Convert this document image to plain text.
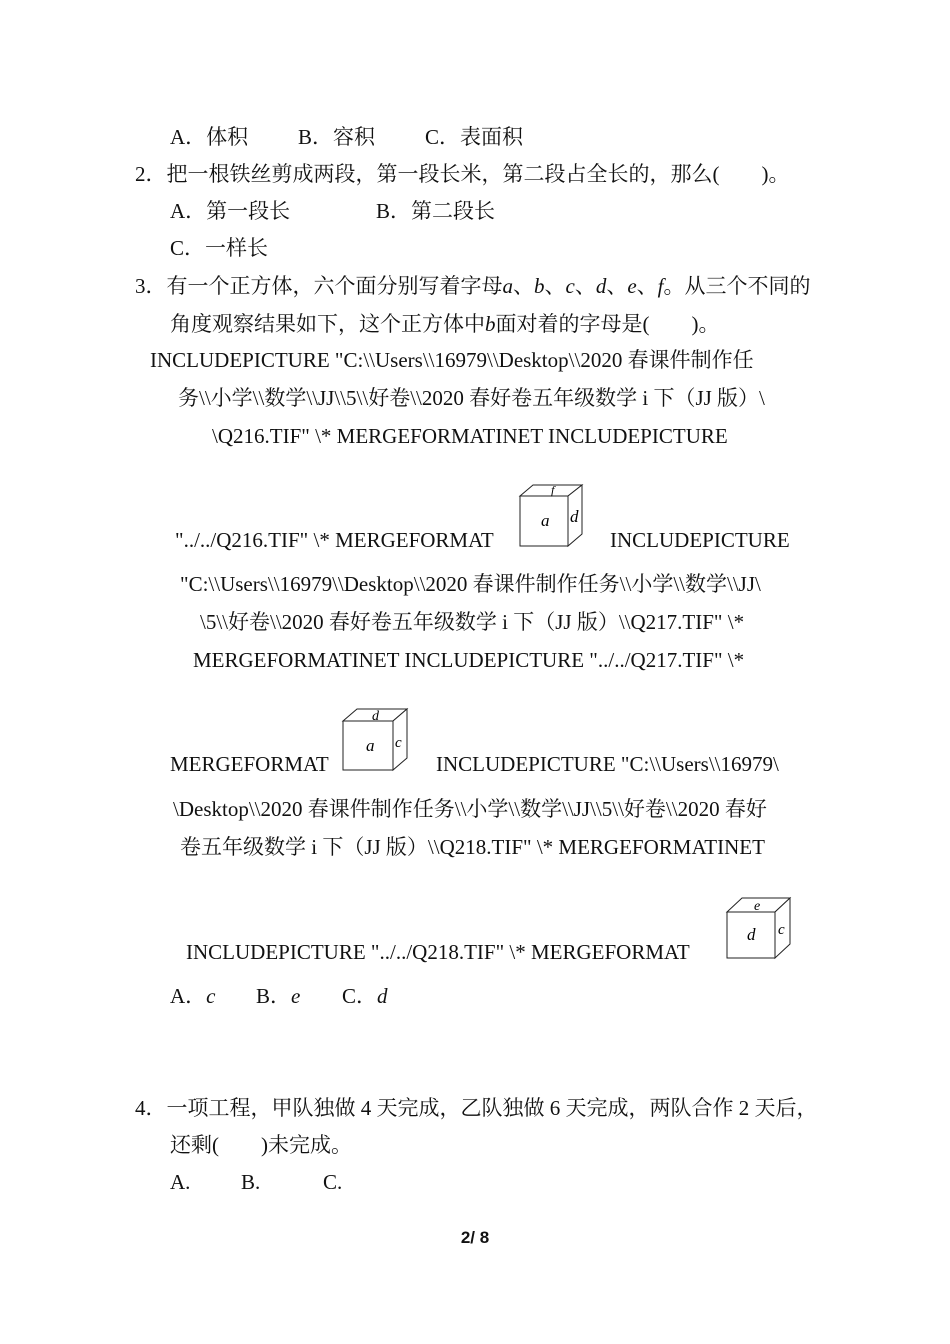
A．体积 B．容积 C．表面积
2．把一根铁丝剪成两段，第一段长米，第二段占全长的，那么(　　)。
A．第一段长	B．第二段长
C．一样长
3．有一个正方体，六个面分别写着字母a、b、c、d、e、f。从三个不同的
角度观察结果如下，这个正方体中b面对着的字母是(　　)。
INCLUDEPICTURE "C:\\Users\\16979\\Desktop\\2020 春课件制作任
务\\小学\\数学\\JJ\\5\\好卷\\2020 春好卷五年级数学 i 下（JJ 版）\
\Q216.TIF" \* MERGEFORMATINET INCLUDEPICTURE
"../../Q216.TIF" \* MERGEFORMAT
f
a d
INCLUDEPICTURE
"C:\\Users\\16979\\Desktop\\2020 春课件制作任务\\小学\\数学\\JJ\
\5\\好卷\\2020 春好卷五年级数学 i 下（JJ 版）\\Q217.TIF" \*
MERGEFORMATINET INCLUDEPICTURE "../../Q217.TIF" \*
MERGEFORMAT
d
a c
INCLUDEPICTURE "C:\\Users\\16979\
\Desktop\\2020 春课件制作任务\\小学\\数学\\JJ\\5\\好卷\\2020 春好
卷五年级数学 i 下（JJ 版）\\Q218.TIF" \* MERGEFORMATINET
INCLUDEPICTURE "../../Q218.TIF" \* MERGEFORMAT
e
d c
A．c B．e C．d
4．一项工程，甲队独做 4 天完成，乙队独做 6 天完成，两队合作 2 天后，
还剩(　　)未完成。
A. B.	C.
2/ 8
